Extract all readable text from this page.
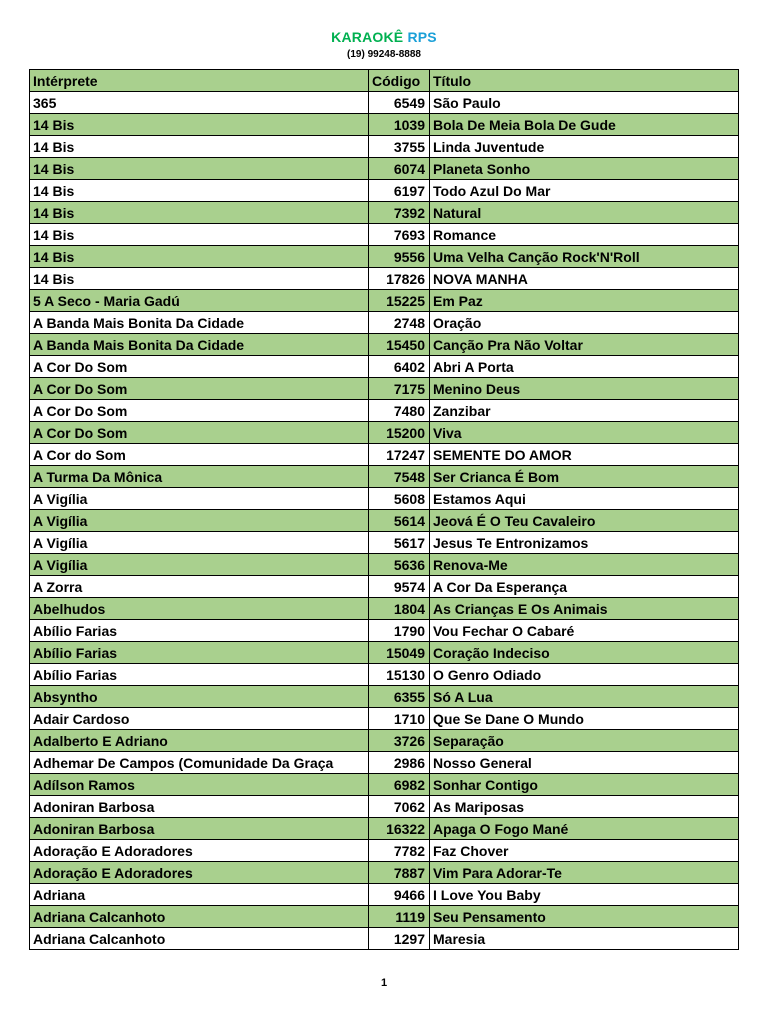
KARAOKÊ RPS
(19) 99248-8888
Intérprete	Código	Título
365	6549	São Paulo
14 Bis	1039	Bola De Meia Bola De Gude
14 Bis	3755	Linda Juventude
14 Bis	6074	Planeta Sonho
14 Bis	6197	Todo Azul Do Mar
14 Bis	7392	Natural
14 Bis	7693	Romance
14 Bis	9556	Uma Velha Canção Rock'N'Roll
14 Bis	17826	NOVA MANHA
5 A Seco - Maria Gadú	15225	Em Paz
A Banda Mais Bonita Da Cidade	2748	Oração
A Banda Mais Bonita Da Cidade	15450	Canção Pra Não Voltar
A Cor Do Som	6402	Abri A Porta
A Cor Do Som	7175	Menino Deus
A Cor Do Som	7480	Zanzibar
A Cor Do Som	15200	Viva
A Cor do Som	17247	SEMENTE DO AMOR
A Turma Da Mônica	7548	Ser Crianca É Bom
A Vigília	5608	Estamos Aqui
A Vigília	5614	Jeová É O Teu Cavaleiro
A Vigília	5617	Jesus Te Entronizamos
A Vigília	5636	Renova-Me
A Zorra	9574	A Cor Da Esperança
Abelhudos	1804	As Crianças E Os Animais
Abílio Farias	1790	Vou Fechar O Cabaré
Abílio Farias	15049	Coração Indeciso
Abílio Farias	15130	O Genro Odiado
Absyntho	6355	Só A Lua
Adair Cardoso	1710	Que Se Dane O Mundo
Adalberto E Adriano	3726	Separação
Adhemar De Campos (Comunidade Da Graça	2986	Nosso General
Adílson Ramos	6982	Sonhar Contigo
Adoniran Barbosa	7062	As Mariposas
Adoniran Barbosa	16322	Apaga O Fogo Mané
Adoração E Adoradores	7782	Faz Chover
Adoração E Adoradores	7887	Vim Para Adorar-Te
Adriana	9466	I Love You Baby
Adriana Calcanhoto	1119	Seu Pensamento
Adriana Calcanhoto	1297	Maresia
1
